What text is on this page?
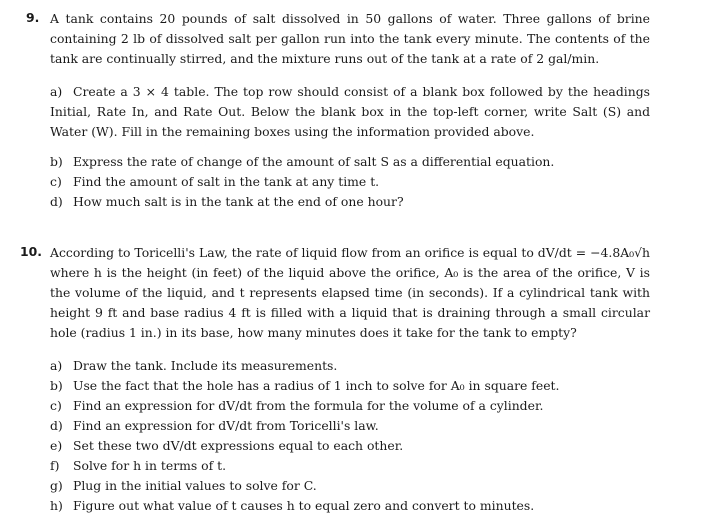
9. A tank contains 20 pounds of salt dissolved in 50 gallons of water. Three gallons of brine containing 2 lb of dissolved salt per gallon run into the tank every minute. The contents of the tank are continually stirred, and the mixture runs out of the tank at a rate of 2 gal/min.

a) Create a 3 × 4 table. The top row should consist of a blank box followed by the headings Initial, Rate In, and Rate Out. Below the blank box in the top-left corner, write Salt (S) and Water (W). Fill in the remaining boxes using the information provided above.

b) Express the rate of change of the amount of salt S as a differential equation.
c) Find the amount of salt in the tank at any time t.
d) How much salt is in the tank at the end of one hour?
10. According to Toricelli's Law, the rate of liquid flow from an orifice is equal to dV/dt = −4.8A₀√h where h is the height (in feet) of the liquid above the orifice, A₀ is the area of the orifice, V is the volume of the liquid, and t represents elapsed time (in seconds). If a cylindrical tank with height 9 ft and base radius 4 ft is filled with a liquid that is draining through a small circular hole (radius 1 in.) in its base, how many minutes does it take for the tank to empty?

a) Draw the tank. Include its measurements.
b) Use the fact that the hole has a radius of 1 inch to solve for A₀ in square feet.
c) Find an expression for dV/dt from the formula for the volume of a cylinder.
d) Find an expression for dV/dt from Toricelli's law.
e) Set these two dV/dt expressions equal to each other.
f) Solve for h in terms of t.
g) Plug in the initial values to solve for C.
h) Figure out what value of t causes h to equal zero and convert to minutes.
